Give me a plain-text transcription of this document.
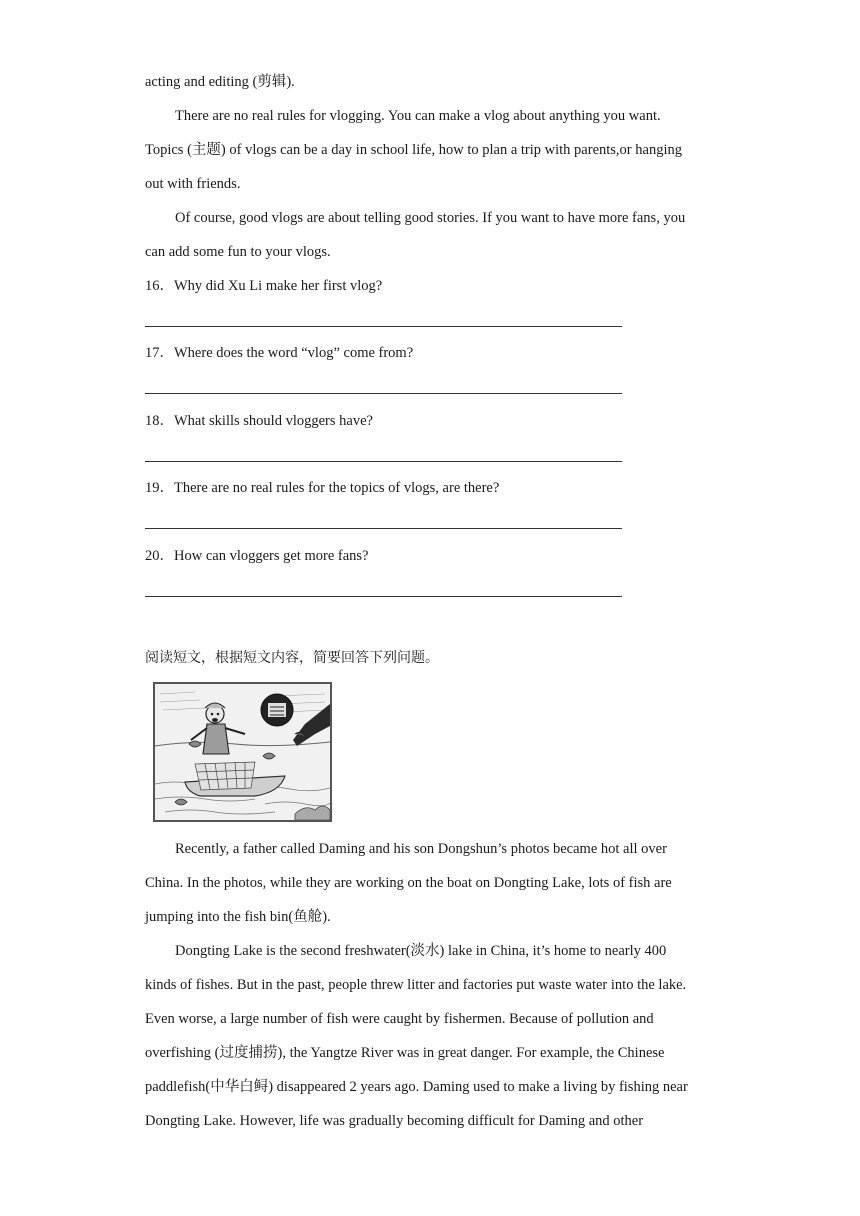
acting and editing (剪辑).
There are no real rules for vlogging. You can make a vlog about anything you want.
Topics (主题) of vlogs can be a day in school life, how to plan a trip with parents,or hanging
out with friends.
Of course, good vlogs are about telling good stories. If you want to have more fans, you
can add some fun to your vlogs.
16．Why did Xu Li make her first vlog?
17．Where does the word “vlog” come from?
18．What skills should vloggers have?
19．There are no real rules for the topics of vlogs, are there?
20．How can vloggers get more fans?
阅读短文，根据短文内容，简要回答下列问题。
Recently, a father called Daming and his son Dongshun’s photos became hot all over
China. In the photos, while they are working on the boat on Dongting Lake, lots of fish are
jumping into the fish bin(鱼舱).
Dongting Lake is the second freshwater(淡水) lake in China, it’s home to nearly 400
kinds of fishes. But in the past, people threw litter and factories put waste water into the lake.
Even worse, a large number of fish were caught by fishermen. Because of pollution and
overfishing (过度捕捞), the Yangtze River was in great danger. For example, the Chinese
paddlefish(中华白鲟) disappeared 2 years ago. Daming used to make a living by fishing near
Dongting Lake. However, life was gradually becoming difficult for Daming and other
